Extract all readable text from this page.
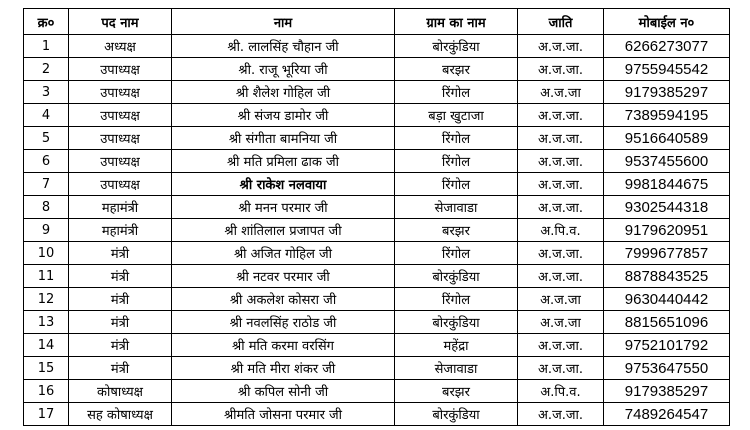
क्र०	पद नाम	नाम	ग्राम का नाम	जाति	मोबाईल न०
1	अध्यक्ष	श्री. लालसिंह चौहान जी	बोरकुंडिया	अ.ज.जा.	6266273077
2	उपाध्यक्ष	श्री. राजू भूरिया जी	बरझर	अ.ज.जा.	9755945542
3	उपाध्यक्ष	श्री शैलेश गोहिल जी	रिंगोल	अ.ज.जा	9179385297
4	उपाध्यक्ष	श्री संजय डामोर जी	बड़ा खुटाजा	अ.ज.जा.	7389594195
5	उपाध्यक्ष	श्री संगीता बामनिया जी	रिंगोल	अ.ज.जा.	9516640589
6	उपाध्यक्ष	श्री मति प्रमिला ढाक जी	रिंगोल	अ.ज.जा.	9537455600
7	उपाध्यक्ष	श्री राकेश नलवाया	रिंगोल	अ.ज.जा.	9981844675
8	महामंत्री	श्री मनन परमार जी	सेजावाडा	अ.ज.जा.	9302544318
9	महामंत्री	श्री शांतिलाल प्रजापत जी	बरझर	अ.पि.व.	9179620951
10	मंत्री	श्री अजित गोहिल जी	रिंगोल	अ.ज.जा.	7999677857
11	मंत्री	श्री नटवर परमार जी	बोरकुंडिया	अ.ज.जा.	8878843525
12	मंत्री	श्री अकलेश कोसरा जी	रिंगोल	अ.ज.जा	9630440442
13	मंत्री	श्री नवलसिंह राठोड जी	बोरकुंडिया	अ.ज.जा	8815651096
14	मंत्री	श्री मति करमा वरसिंग	महेंद्रा	अ.ज.जा.	9752101792
15	मंत्री	श्री मति मीरा शंकर जी	सेजावाडा	अ.ज.जा.	9753647550
16	कोषाध्यक्ष	श्री कपिल सोनी जी	बरझर	अ.पि.व.	9179385297
17	सह कोषाध्यक्ष	श्रीमति जोसना परमार जी	बोरकुंडिया	अ.ज.जा.	7489264547
